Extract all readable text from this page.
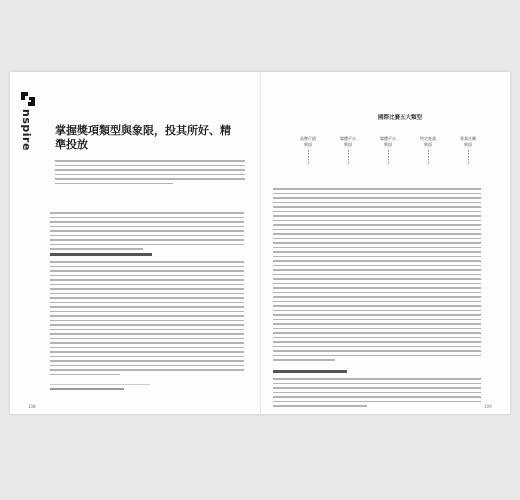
nspire 掌握獎項類型與象限，投其所好、精準投放
108
國際比賽五大類型
品牌行銷
獎項
媒體平台
獎項
媒體平台
獎項
特定產業
獎項
專業社團
獎項
109
